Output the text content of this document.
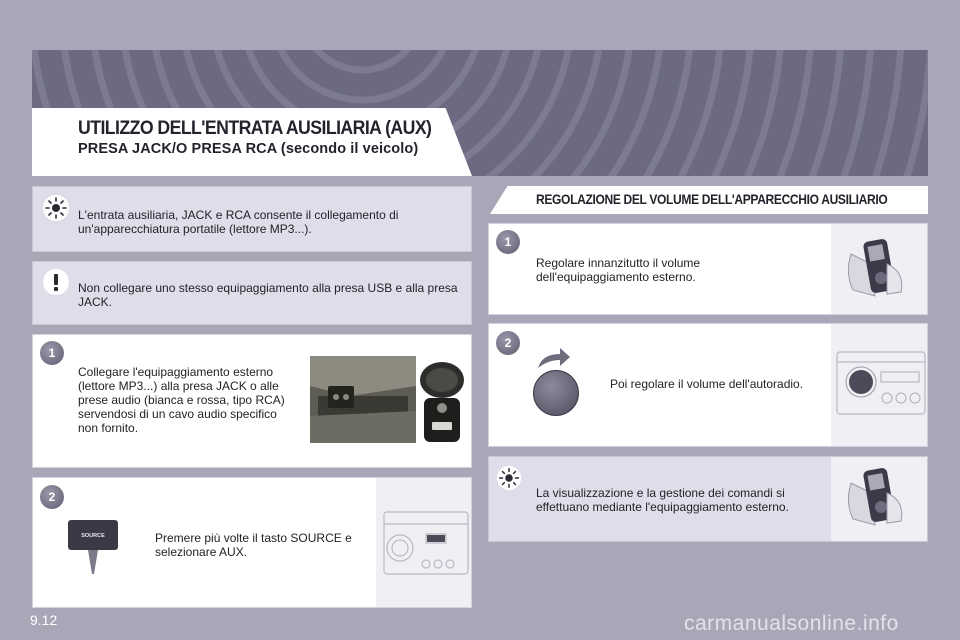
UTILIZZO DELL'ENTRATA AUSILIARIA (AUX)
PRESA JACK/O PRESA RCA (secondo il veicolo)
L'entrata ausiliaria, JACK e RCA consente il collegamento di un'apparecchiatura portatile (lettore MP3...).
Non collegare uno stesso equipaggiamento alla presa USB e alla presa JACK.
1
Collegare l'equipaggiamento esterno (lettore MP3...) alla presa JACK o alle prese audio (bianca e rossa, tipo RCA) servendosi di un cavo audio specifico non fornito.
2
SOURCE	Premere più volte il tasto SOURCE e selezionare AUX.
REGOLAZIONE DEL VOLUME DELL'APPARECCHIO AUSILIARIO
1
Regolare innanzitutto il volume dell'equipaggiamento esterno.
2
Poi regolare il volume dell'autoradio.
La visualizzazione e la gestione dei comandi si effettuano mediante l'equipaggiamento esterno.
9.12	carmanualsonline.info
